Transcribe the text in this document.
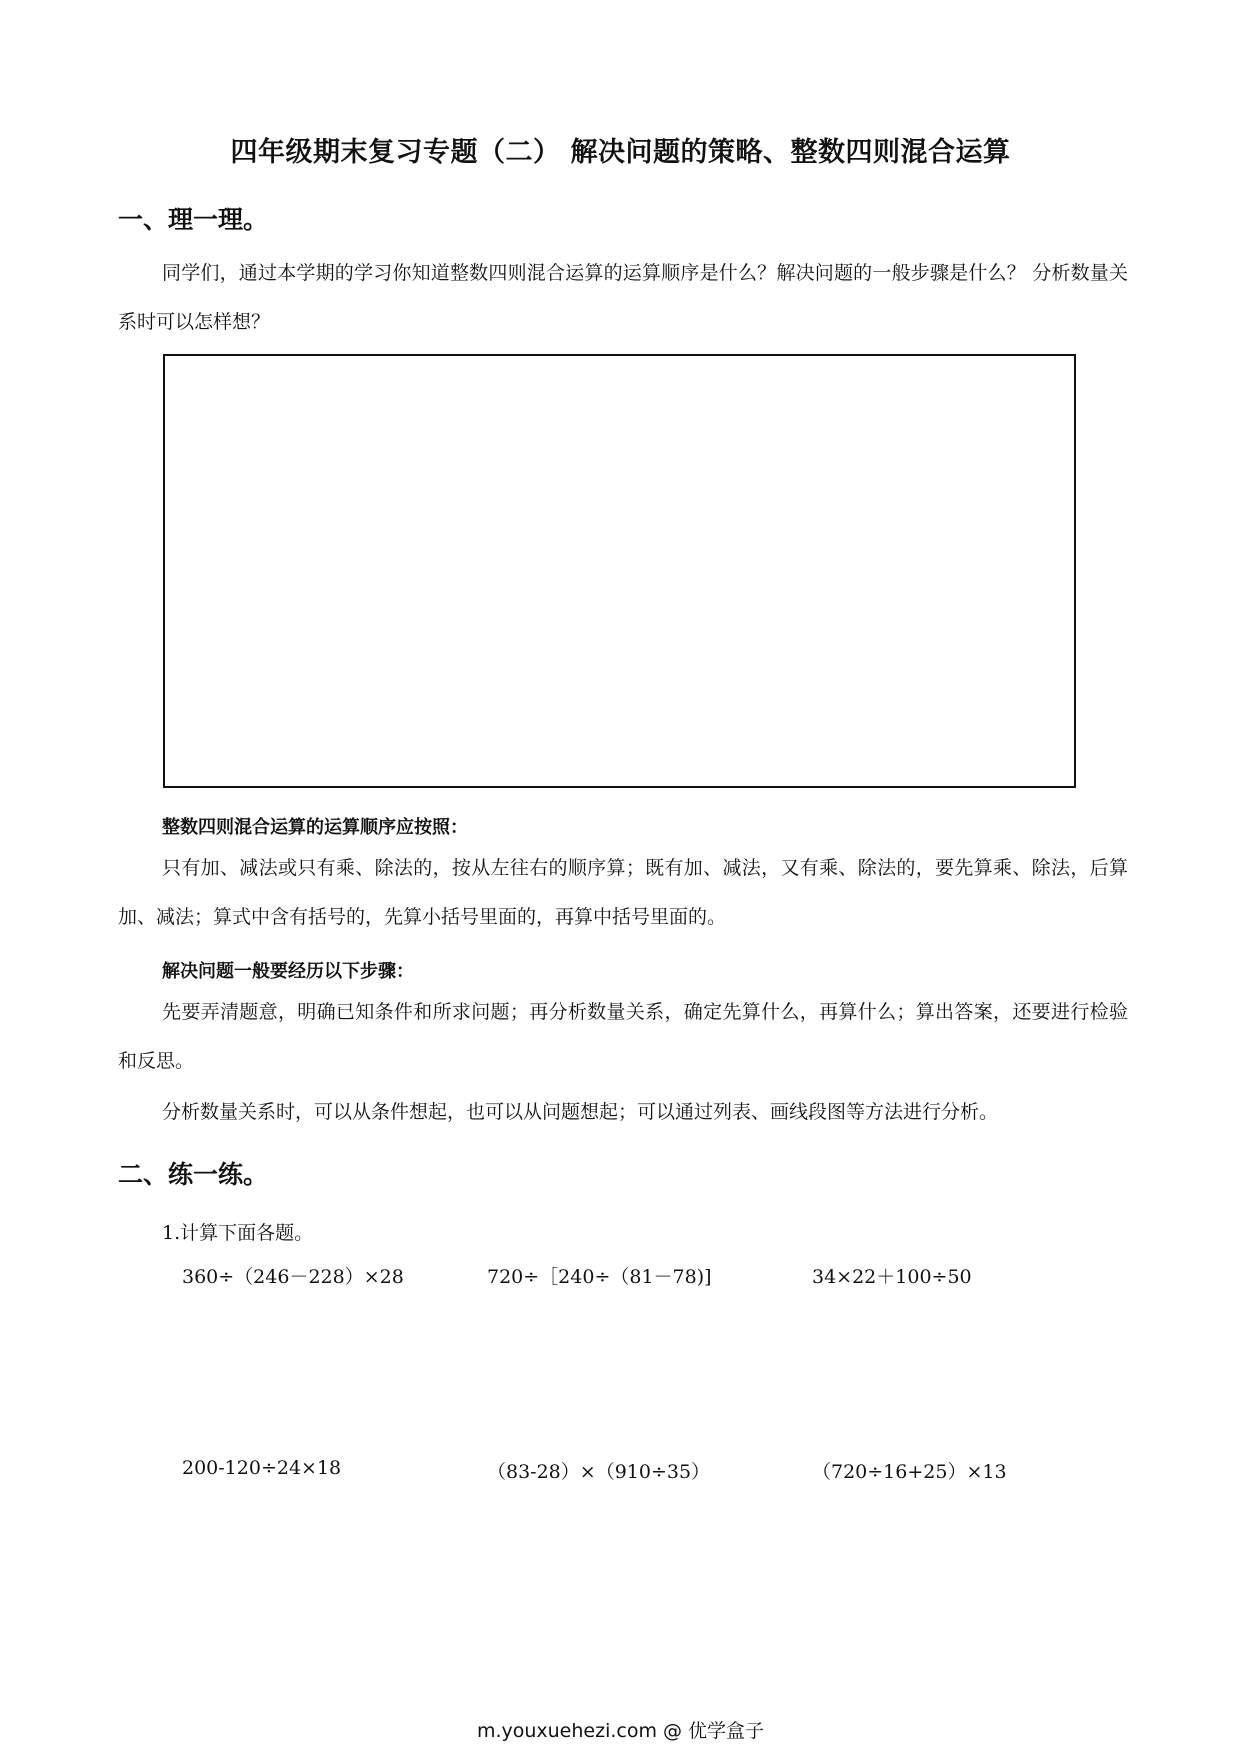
四年级期末复习专题（二） 解决问题的策略、整数四则混合运算
一、理一理。

同学们，通过本学期的学习你知道整数四则混合运算的运算顺序是什么？解决问题的一般步骤是什么？ 分析数量关系时可以怎样想？

整数四则混合运算的运算顺序应按照：

只有加、减法或只有乘、除法的，按从左往右的顺序算；既有加、减法，又有乘、除法的，要先算乘、除法，后算加、减法；算式中含有括号的，先算小括号里面的，再算中括号里面的。

解决问题一般要经历以下步骤：

先要弄清题意，明确已知条件和所求问题；再分析数量关系，确定先算什么，再算什么；算出答案，还要进行检验和反思。

分析数量关系时，可以从条件想起，也可以从问题想起；可以通过列表、画线段图等方法进行分析。

二、练一练。
1.计算下面各题。
360÷（246－228）×28	720÷［240÷（81－78)]	34×22＋100÷50
200-120÷24×18	（83-28）×（910÷35）	（720÷16+25）×13
m.youxuehezi.com @ 优学盒子
